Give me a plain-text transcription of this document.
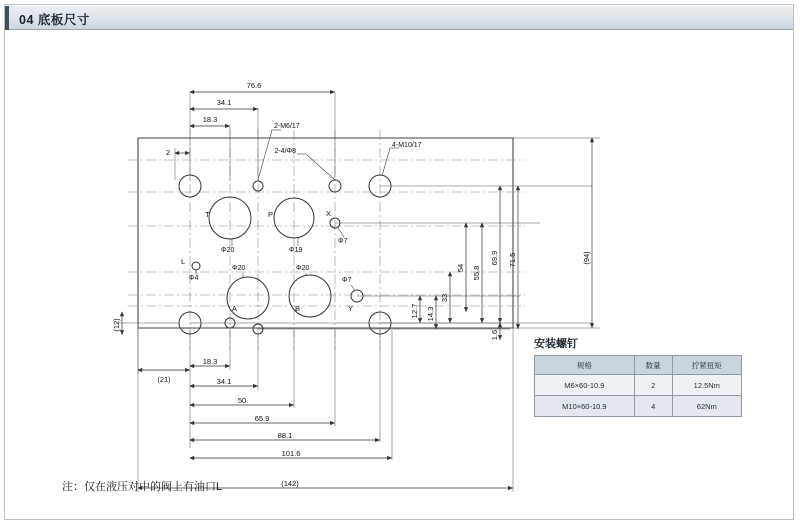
04 底板尺寸
T	P	X
L
A	B	Y
Φ20	Φ19
Φ7
Φ4
Φ20	Φ20
Φ7
2-M6/17
2-4/Φ8
4-M10/17
76.6
34.1
18.3
2
69.9 71.5	(94)
55.8
54
33
12.7 14.3
1.6
(12)
(21)
18.3
34.1
50
65.9
88.1
101.6
(142)
安装螺钉
规格	数量	拧紧扭矩
M6×60-10.9	2	12.5Nm
M10×60-10.9	4	62Nm
注：仅在液压对中的阀上有油口L
